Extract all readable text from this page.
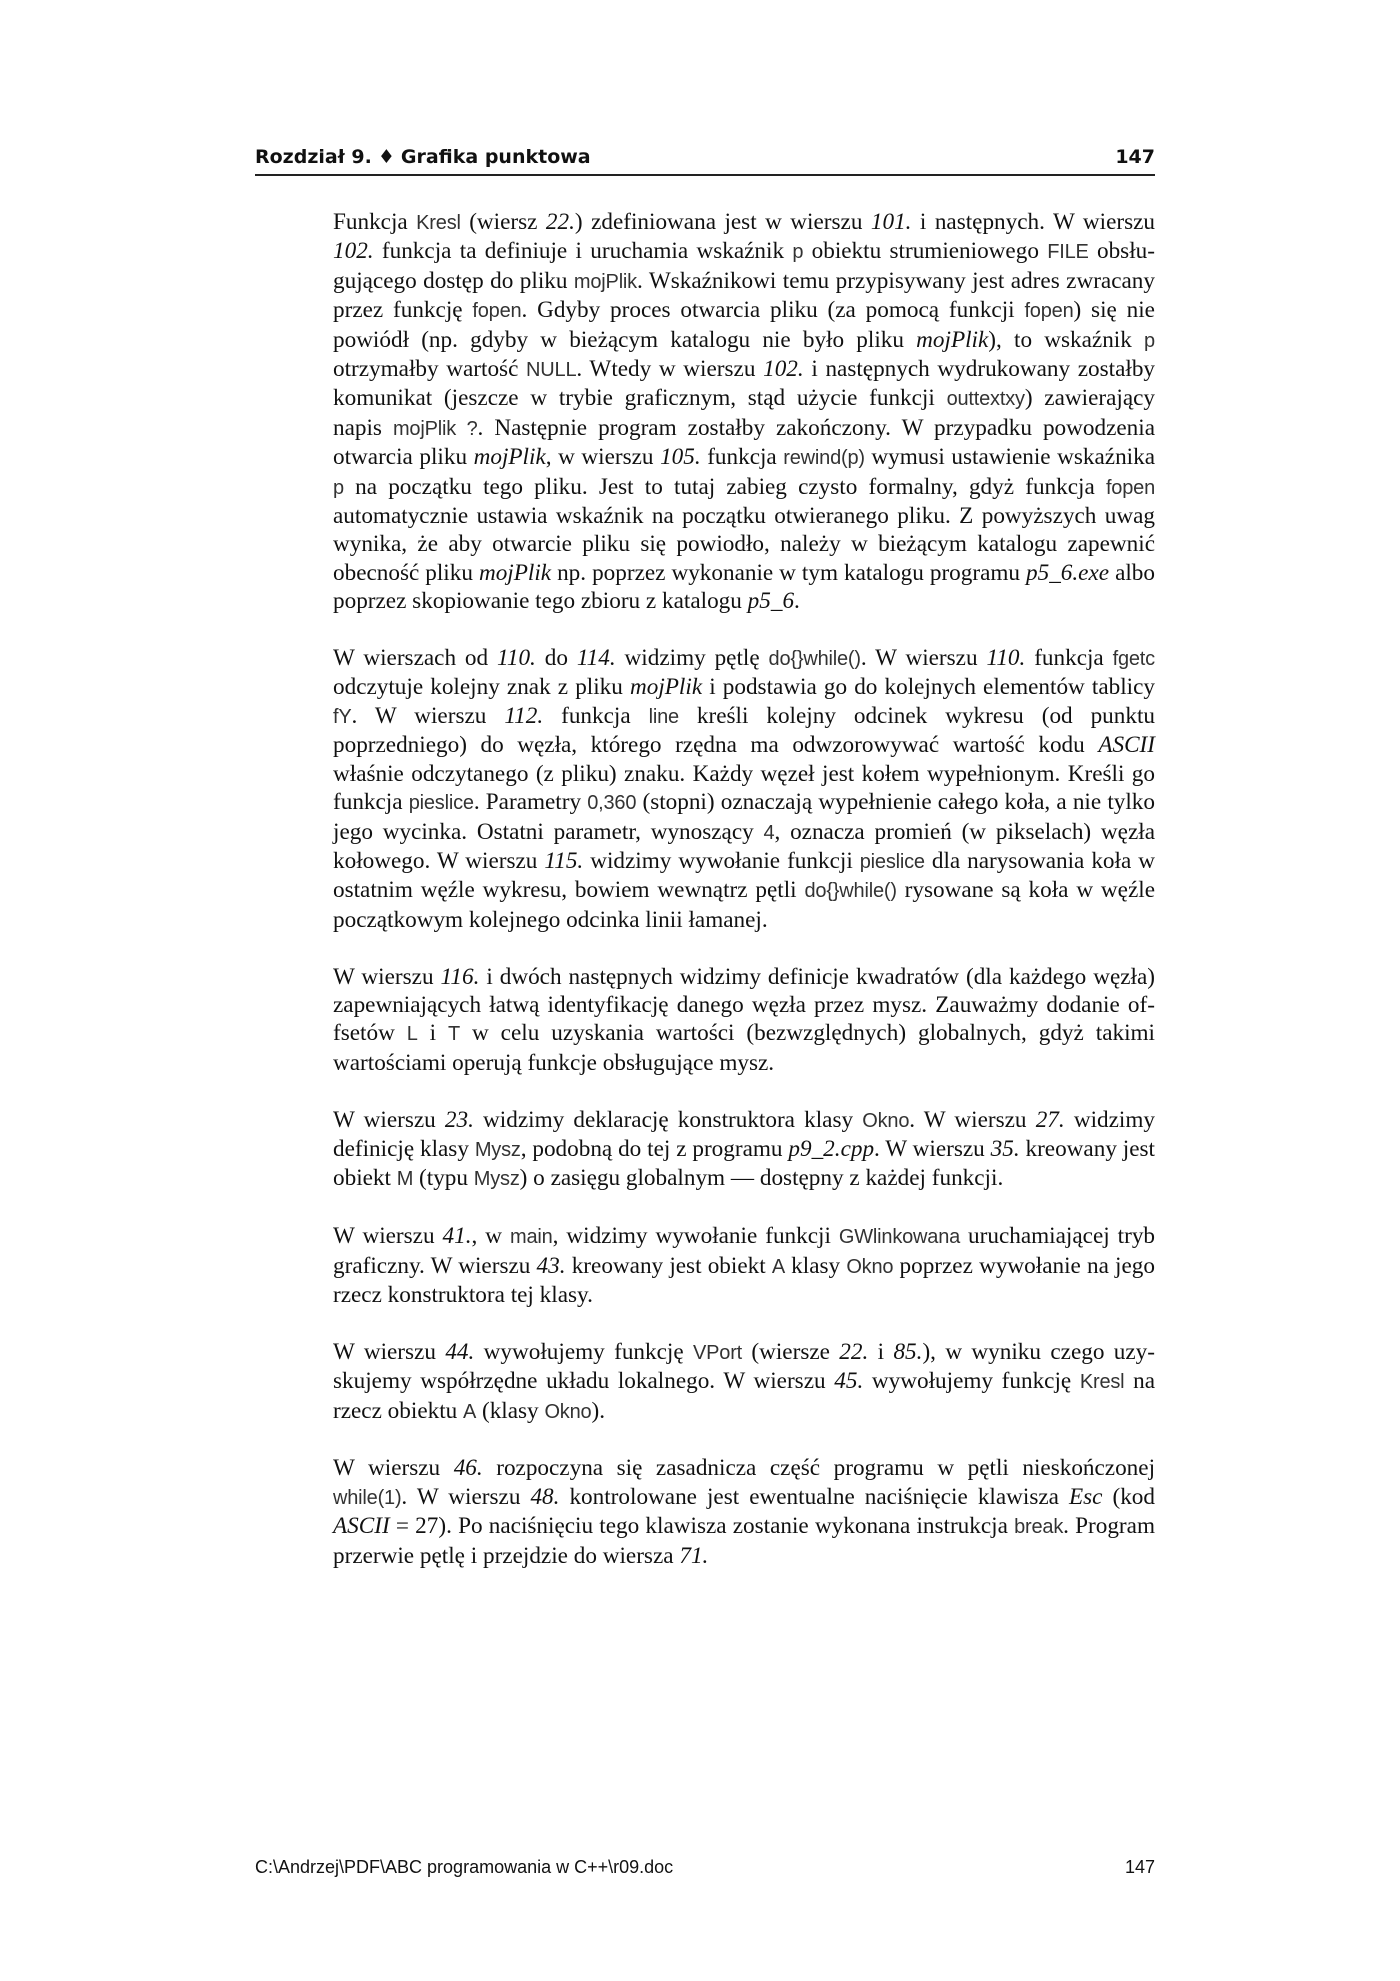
Rozdział 9. ♦ Grafika punktowa	147

Funkcja Kresl (wiersz 22.) zdefiniowana jest w wierszu 101. i następnych. W wierszu 102. funkcja ta definiuje i uruchamia wskaźnik p obiektu strumieniowego FILE obsługującego dostęp do pliku mojPlik. Wskaźnikowi temu przypisywany jest adres zwracany przez funkcję fopen. Gdyby proces otwarcia pliku (za pomocą funkcji fopen) się nie powiódł (np. gdyby w bieżącym katalogu nie było pliku mojPlik), to wskaźnik p otrzymałby wartość NULL. Wtedy w wierszu 102. i następnych wydrukowany zostałby komunikat (jeszcze w trybie graficznym, stąd użycie funkcji outtextxy) zawierający napis mojPlik ?. Następnie program zostałby zakończony. W przypadku powodzenia otwarcia pliku mojPlik, w wierszu 105. funkcja rewind(p) wymusi ustawienie wskaźnika p na początku tego pliku. Jest to tutaj zabieg czysto formalny, gdyż funkcja fopen automatycznie ustawia wskaźnik na początku otwieranego pliku. Z powyższych uwag wynika, że aby otwarcie pliku się powiodło, należy w bieżącym katalogu zapewnić obecność pliku mojPlik np. poprzez wykonanie w tym katalogu programu p5_6.exe albo poprzez skopiowanie tego zbioru z katalogu p5_6.

W wierszach od 110. do 114. widzimy pętlę do{}while(). W wierszu 110. funkcja fgetc odczytuje kolejny znak z pliku mojPlik i podstawia go do kolejnych elementów tablicy fY. W wierszu 112. funkcja line kreśli kolejny odcinek wykresu (od punktu poprzedniego) do węzła, którego rzędna ma odwzorowywać wartość kodu ASCII właśnie odczytanego (z pliku) znaku. Każdy węzeł jest kołem wypełnionym. Kreśli go funkcja pieslice. Parametry 0,360 (stopni) oznaczają wypełnienie całego koła, a nie tylko jego wycinka. Ostatni parametr, wynoszący 4, oznacza promień (w pikselach) węzła kołowego. W wierszu 115. widzimy wywołanie funkcji pieslice dla narysowania koła w ostatnim węźle wykresu, bowiem wewnątrz pętli do{}while() rysowane są koła w węźle początkowym kolejnego odcinka linii łamanej.

W wierszu 116. i dwóch następnych widzimy definicje kwadratów (dla każdego węzła) zapewniających łatwą identyfikację danego węzła przez mysz. Zauważmy dodanie offsetów L i T w celu uzyskania wartości (bezwzględnych) globalnych, gdyż takimi wartościami operują funkcje obsługujące mysz.

W wierszu 23. widzimy deklarację konstruktora klasy Okno. W wierszu 27. widzimy definicję klasy Mysz, podobną do tej z programu p9_2.cpp. W wierszu 35. kreowany jest obiekt M (typu Mysz) o zasięgu globalnym — dostępny z każdej funkcji.

W wierszu 41., w main, widzimy wywołanie funkcji GWlinkowana uruchamiającej tryb graficzny. W wierszu 43. kreowany jest obiekt A klasy Okno poprzez wywołanie na jego rzecz konstruktora tej klasy.

W wierszu 44. wywołujemy funkcję VPort (wiersze 22. i 85.), w wyniku czego uzyskujemy współrzędne układu lokalnego. W wierszu 45. wywołujemy funkcję Kresl na rzecz obiektu A (klasy Okno).

W wierszu 46. rozpoczyna się zasadnicza część programu w pętli nieskończonej while(1). W wierszu 48. kontrolowane jest ewentualne naciśnięcie klawisza Esc (kod ASCII = 27). Po naciśnięciu tego klawisza zostanie wykonana instrukcja break. Program przerwie pętlę i przejdzie do wiersza 71.

C:\Andrzej\PDF\ABC programowania w C++\r09.doc	147
